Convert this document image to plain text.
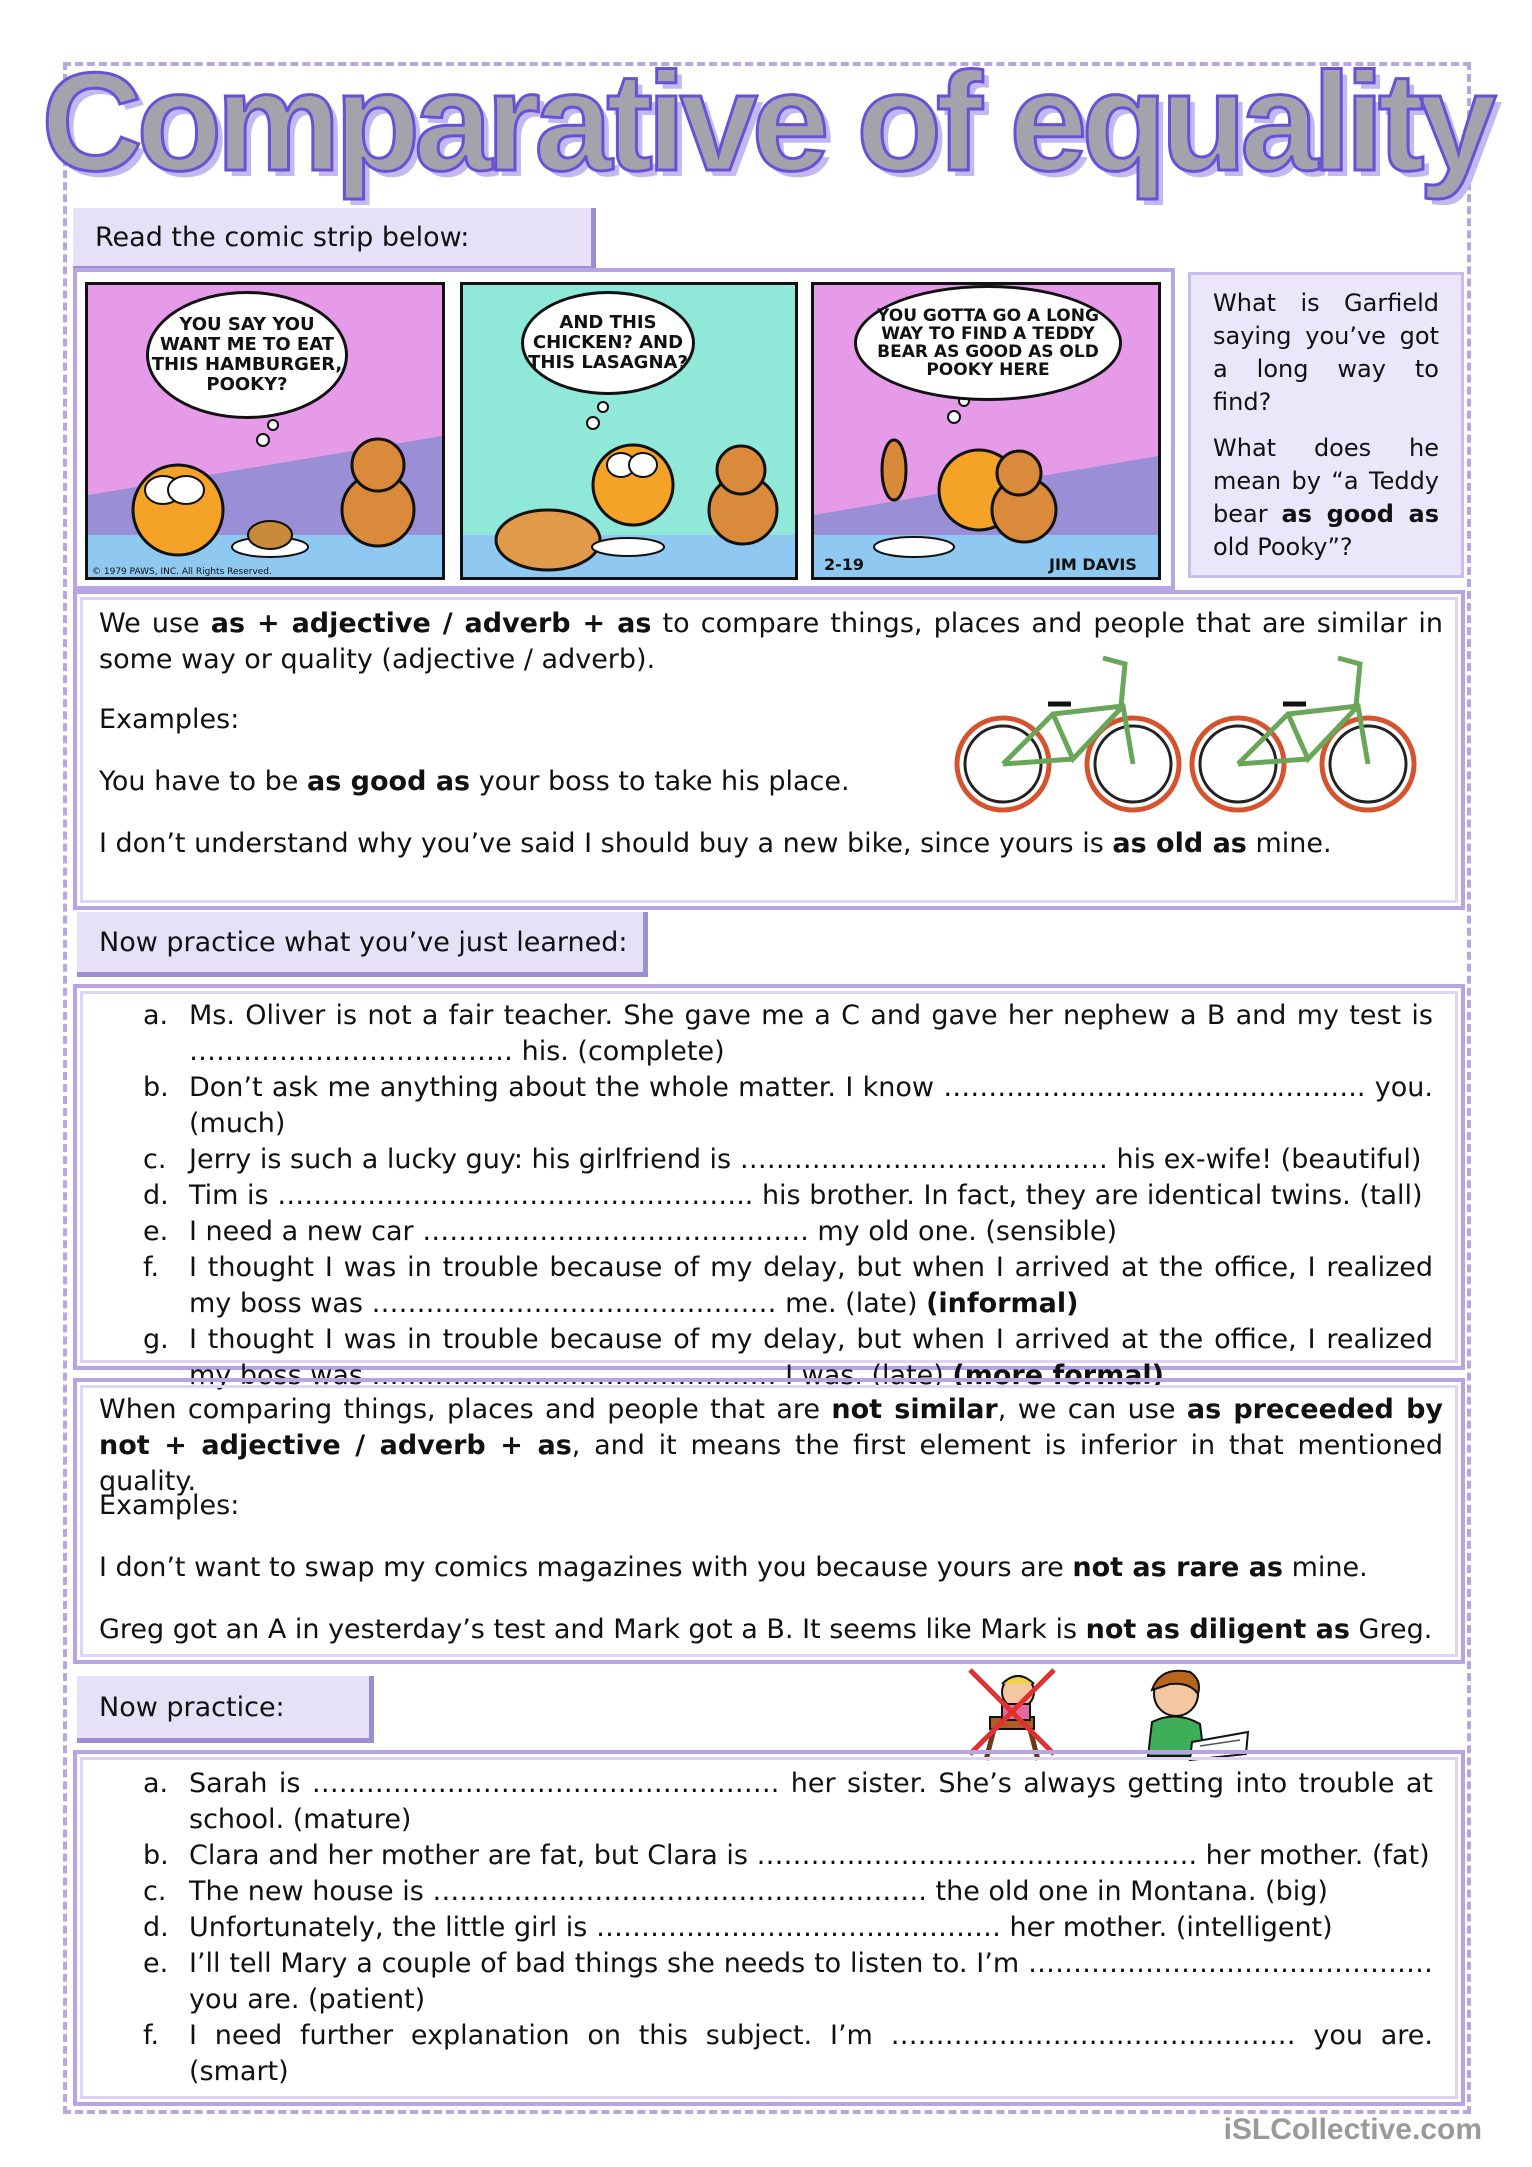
Comparative of equality
Read the comic strip below:
YOU SAY YOU WANT ME TO EAT THIS HAMBURGER, POOKY?
© 1979 PAWS, INC. All Rights Reserved.
AND THIS CHICKEN? AND THIS LASAGNA?
YOU GOTTA GO A LONG WAY TO FIND A TEDDY BEAR AS GOOD AS OLD POOKY HERE
2-19	JIM DAVIS

What is Garfield saying you’ve got a long way to find?

What does he mean by “a Teddy bear as good as old Pooky”?

We use as + adjective / adverb + as to compare things, places and people that are similar in some way or quality (adjective / adverb).
Examples:
You have to be as good as your boss to take his place.
I don’t understand why you’ve said I should buy a new bike, since yours is as old as mine.
Now practice what you’ve just learned:
a. Ms. Oliver is not a fair teacher. She gave me a C and gave her nephew a B and my test is ……………………………… his. (complete)
b. Don’t ask me anything about the whole matter. I know ……………………………………….. you. (much)
c. Jerry is such a lucky guy: his girlfriend is ……………………………..…… his ex-wife! (beautiful)
d. Tim is …………………………………………….. his brother. In fact, they are identical twins. (tall)
e. I need a new car ……………………………………. my old one. (sensible)
f. I thought I was in trouble because of my delay, but when I arrived at the office, I realized my boss was ……………………………………… me. (late) (informal)
g. I thought I was in trouble because of my delay, but when I arrived at the office, I realized my boss was ……………………………………… I was. (late) (more formal)
When comparing things, places and people that are not similar, we can use as preceeded by not + adjective / adverb + as, and it means the first element is inferior in that mentioned quality.
Examples:
I don’t want to swap my comics magazines with you because yours are not as rare as mine.
Greg got an A in yesterday’s test and Mark got a B. It seems like Mark is not as diligent as Greg.
Now practice:
a. Sarah is ……………………………………………. her sister. She’s always getting into trouble at school. (mature)
b. Clara and her mother are fat, but Clara is …………………………………………. her mother. (fat)
c. The new house is ………………………………………………. the old one in Montana. (big)
d. Unfortunately, the little girl is ……………………………………… her mother. (intelligent)
e. I’ll tell Mary a couple of bad things she needs to listen to. I’m ……………………………………… you are. (patient)
f. I need further explanation on this subject. I’m ……………………………………… you are. (smart)
iSLCollective.com
